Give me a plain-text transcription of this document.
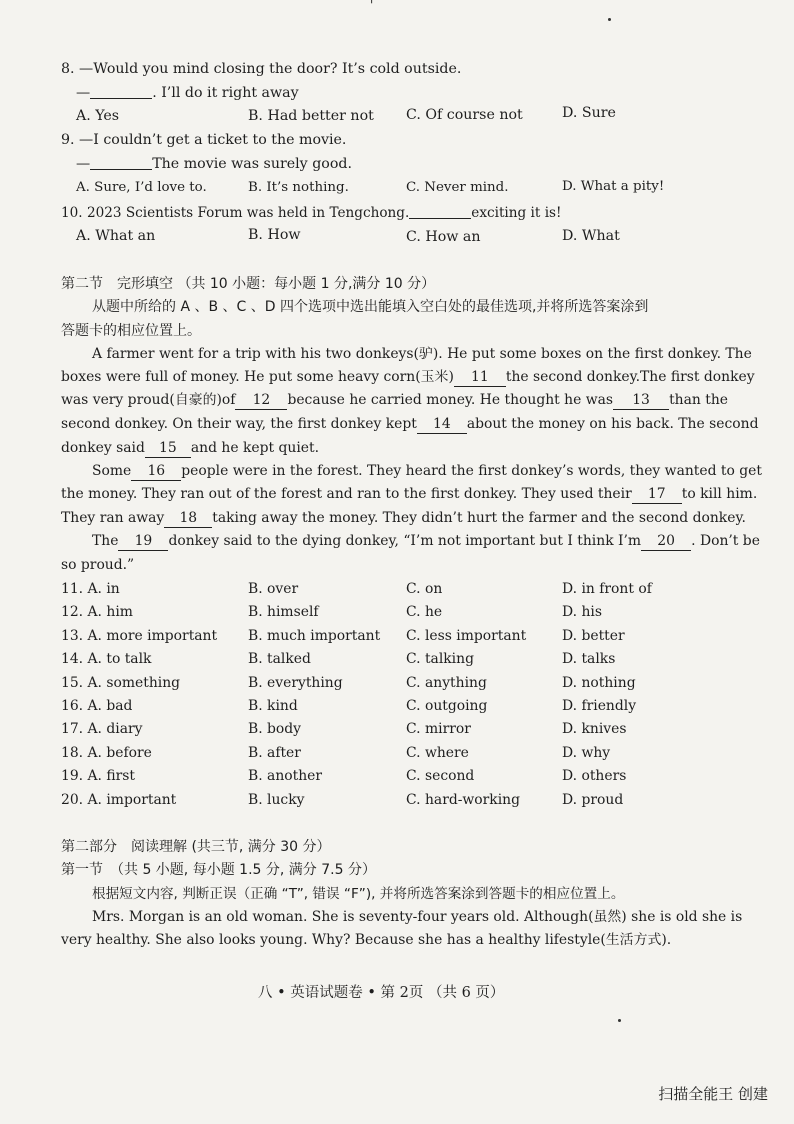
'
8. —Would you mind closing the door? It’s cold outside.
—	. I’ll do it right away
A. Yes	B. Had better not C. Of course not	D. Sure
9. —I couldn’t get a ticket to the movie.
—	The movie was surely good.
A. Sure, I’d love to.	B. It’s nothing.	C. Never mind.	D. What a pity!
10. 2023 Scientists Forum was held in Tengchong.	exciting it is!
A. What an	B. How	C. How an	D. What
第二节　完形填空 （共 10 小题：每小题 1 分,满分 10 分）
从题中所给的 A 、B 、C 、D 四个选项中选出能填入空白处的最佳选项,并将所选答案涂到
答题卡的相应位置上。
A farmer went for a trip with his two donkeys(驴). He put some boxes on the first donkey. The
boxes were full of money. He put some heavy corn(玉米) 11 the second donkey.The first donkey
was very proud(自豪的)of 12 because he carried money. He thought he was 13 than the
second donkey. On their way, the first donkey kept 14 about the money on his back. The second
donkey said 15 and he kept quiet.
Some 16 people were in the forest. They heard the first donkey’s words, they wanted to get
the money. They ran out of the forest and ran to the first donkey. They used their 17 to kill him.
They ran away 18 taking away the money. They didn’t hurt the farmer and the second donkey.
The 19 donkey said to the dying donkey, “I’m not important but I think I’m 20 . Don’t be
so proud.”
11. A. in	B. over	C. on	D. in front of
12. A. him	B. himself	C. he	D. his
13. A. more important B. much important C. less important	D. better
14. A. to talk	B. talked	C. talking	D. talks
15. A. something	B. everything	C. anything	D. nothing
16. A. bad	B. kind	C. outgoing	D. friendly
17. A. diary	B. body	C. mirror	D. knives
18. A. before	B. after	C. where	D. why
19. A. first	B. another	C. second	D. others
20. A. important	B. lucky	C. hard-working	D. proud
第二部分　阅读理解 (共三节, 满分 30 分）
第一节　（共 5 小题, 每小题 1.5 分, 满分 7.5 分）
根据短文内容, 判断正误（正确 “T”, 错误 “F”), 并将所选答案涂到答题卡的相应位置上。
Mrs. Morgan is an old woman. She is seventy-four years old. Although(虽然) she is old she is
very healthy. She also looks young. Why? Because she has a healthy lifestyle(生活方式).
八 • 英语试题卷 • 第 2页 （共 6 页）
扫描全能王 创建
